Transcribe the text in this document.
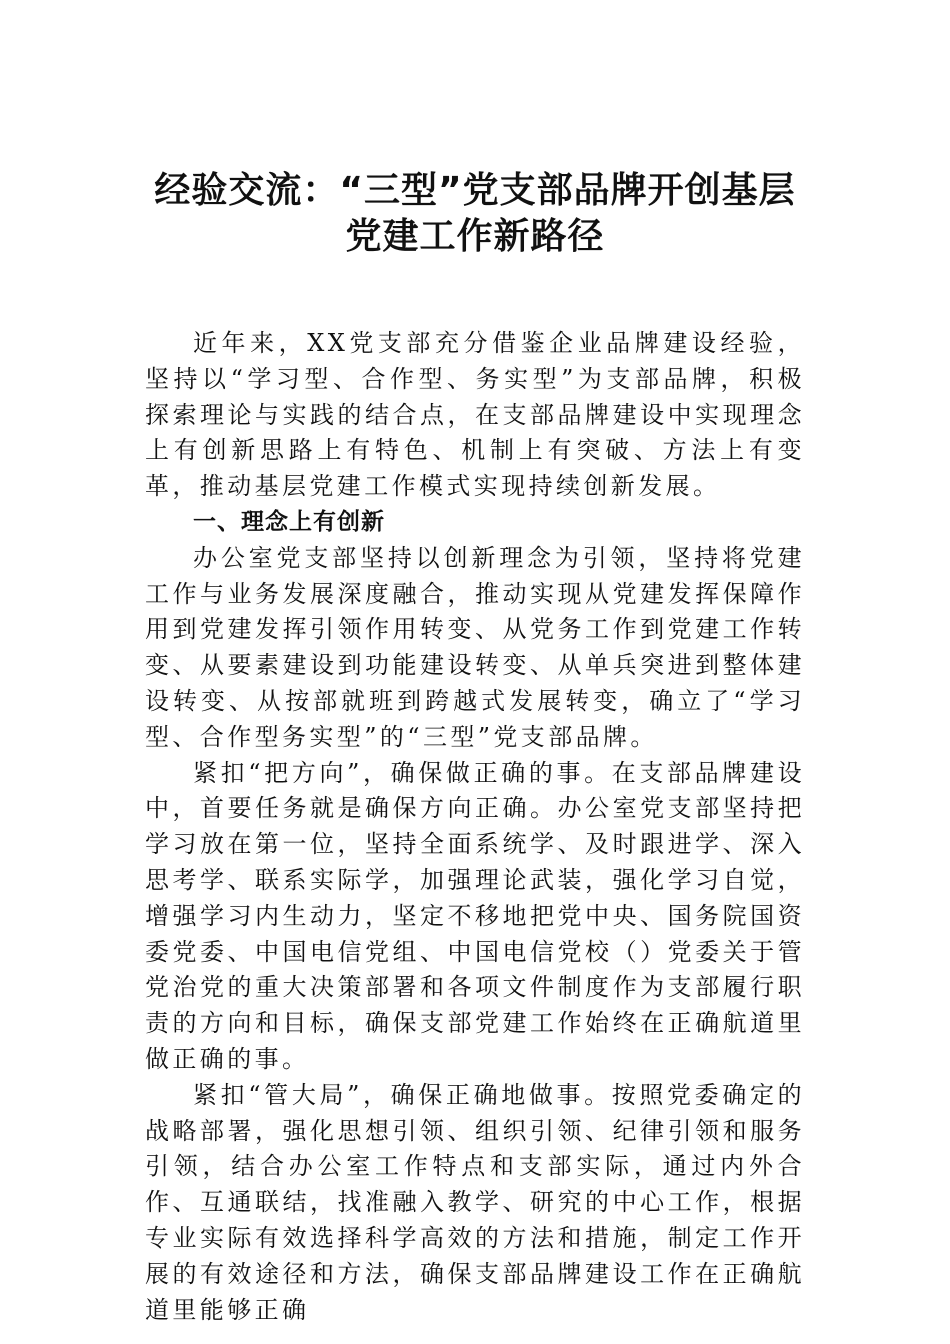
经验交流：“三型”党支部品牌开创基层
党建工作新路径

近年来，XX党支部充分借鉴企业品牌建设经验，坚持以“学习型、合作型、务实型”为支部品牌，积极探索理论与实践的结合点，在支部品牌建设中实现理念上有创新思路上有特色、机制上有突破、方法上有变革，推动基层党建工作模式实现持续创新发展。

一、理念上有创新

办公室党支部坚持以创新理念为引领，坚持将党建工作与业务发展深度融合，推动实现从党建发挥保障作用到党建发挥引领作用转变、从党务工作到党建工作转变、从要素建设到功能建设转变、从单兵突进到整体建设转变、从按部就班到跨越式发展转变，确立了“学习型、合作型务实型”的“三型”党支部品牌。

紧扣“把方向”，确保做正确的事。在支部品牌建设中，首要任务就是确保方向正确。办公室党支部坚持把学习放在第一位，坚持全面系统学、及时跟进学、深入思考学、联系实际学，加强理论武装，强化学习自觉，增强学习内生动力，坚定不移地把党中央、国务院国资委党委、中国电信党组、中国电信党校（）党委关于管党治党的重大决策部署和各项文件制度作为支部履行职责的方向和目标，确保支部党建工作始终在正确航道里做正确的事。

紧扣“管大局”，确保正确地做事。按照党委确定的战略部署，强化思想引领、组织引领、纪律引领和服务引领，结合办公室工作特点和支部实际，通过内外合作、互通联结，找准融入教学、研究的中心工作，根据专业实际有效选择科学高效的方法和措施，制定工作开展的有效途径和方法，确保支部品牌建设工作在正确航道里能够正确
